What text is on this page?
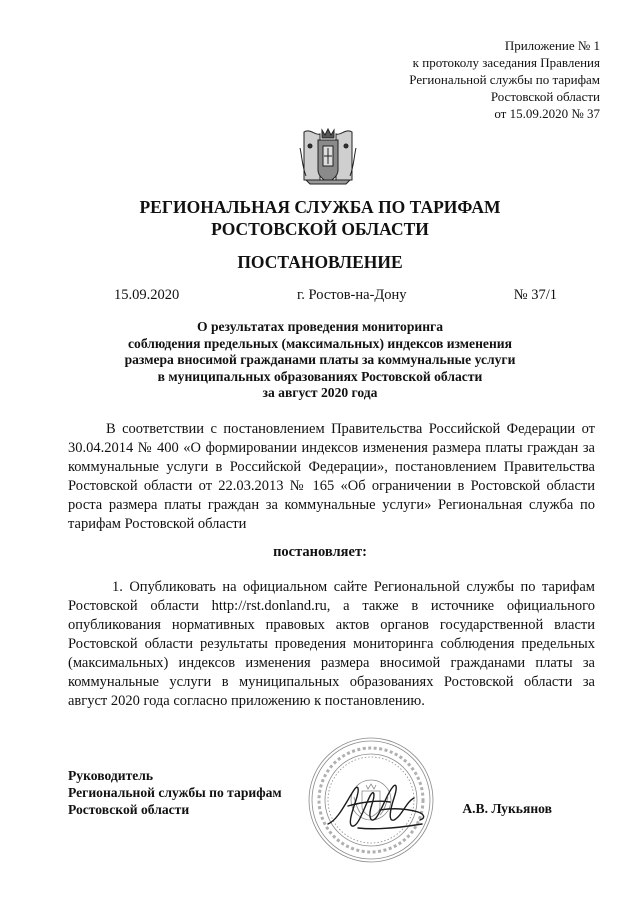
Приложение № 1
к протоколу заседания Правления
Региональной службы по тарифам
Ростовской области
от 15.09.2020 № 37
РЕГИОНАЛЬНАЯ СЛУЖБА ПО ТАРИФАМ
РОСТОВСКОЙ ОБЛАСТИ
ПОСТАНОВЛЕНИЕ
15.09.2020	г. Ростов-на-Дону	№ 37/1
О результатах проведения мониторинга
соблюдения предельных (максимальных) индексов изменения
размера вносимой гражданами платы за коммунальные услуги
в муниципальных образованиях Ростовской области
за август 2020 года
В соответствии с постановлением Правительства Российской Федерации от
30.04.2014 № 400 «О формировании индексов изменения размера платы граждан за
коммунальные услуги в Российской Федерации», постановлением Правительства
Ростовской области от 22.03.2013 № 165 «Об ограничении в Ростовской области
роста размера платы граждан за коммунальные услуги» Региональная служба по
тарифам Ростовской области
постановляет:
1. Опубликовать на официальном сайте Региональной службы по тарифам
Ростовской области http://rst.donland.ru, а также в источнике официального
опубликования нормативных правовых актов органов государственной власти
Ростовской области результаты проведения мониторинга соблюдения предельных
(максимальных) индексов изменения размера вносимой гражданами платы за
коммунальные услуги в муниципальных образованиях Ростовской области за
август 2020 года согласно приложению к постановлению.
Руководитель
Региональной службы по тарифам
Ростовской области	А.В. Лукьянов
